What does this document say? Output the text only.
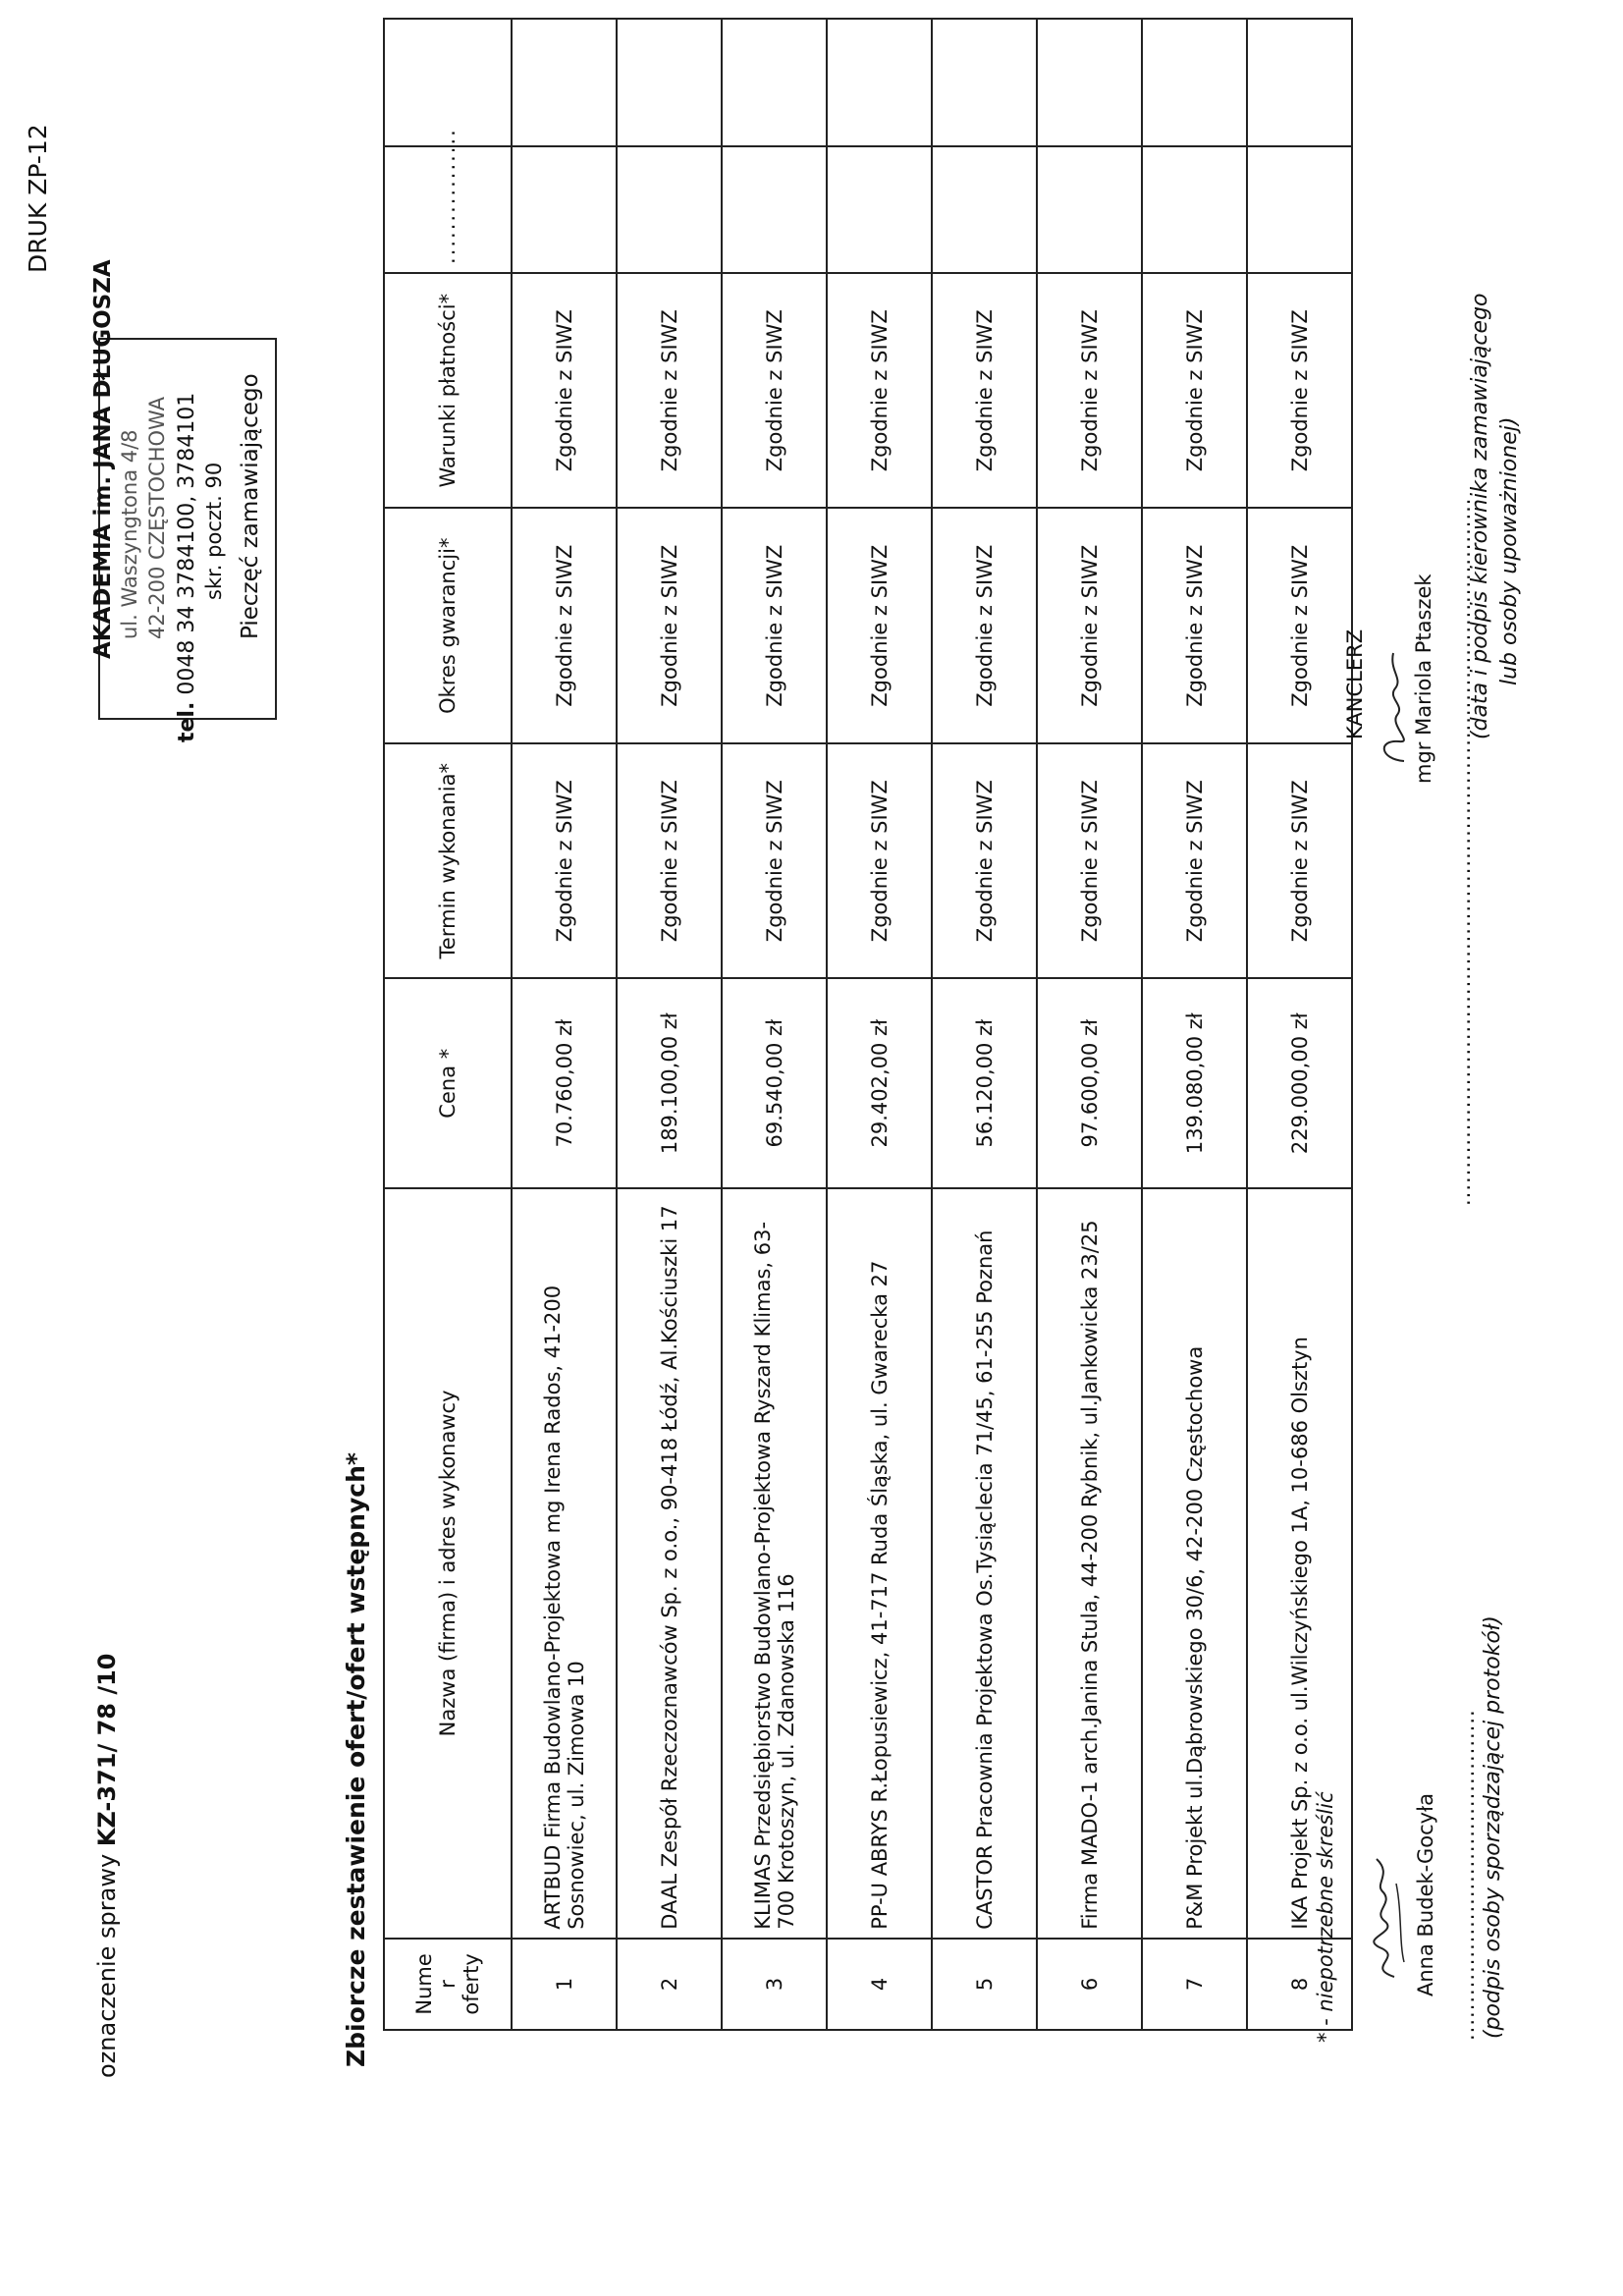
oznaczenie sprawy KZ-371/ 78 /10
DRUK ZP-12
AKADEMIA im. JANA DŁUGOSZA ul. Waszyngtona 4/8 42-200 CZĘSTOCHOWA
tel. 0048 34 3784100, 3784101 skr. poczt. 90 Pieczęć zamawiającego
Zbiorcze zestawienie ofert/ofert wstępnych* Nume r oferty	Nazwa (firma) i adres wykonawcy	Cena *	Termin wykonania*	Okres gwarancji*	Warunki płatności*	................	
1	ARTBUD Firma Budowlano-Projektowa mg Irena Rados, 41-200 Sosnowiec, ul. Zimowa 10	70.760,00 zł	Zgodnie z SIWZ	Zgodnie z SIWZ	Zgodnie z SIWZ		
2	DAAL Zespół Rzeczoznawców Sp. z o.o., 90-418 Łódź, Al.Kościuszki 17	189.100,00 zł	Zgodnie z SIWZ	Zgodnie z SIWZ	Zgodnie z SIWZ		
3	KLIMAS Przedsiębiorstwo Budowlano-Projektowa Ryszard Klimas, 63-700 Krotoszyn, ul. Zdanowska 116	69.540,00 zł	Zgodnie z SIWZ	Zgodnie z SIWZ	Zgodnie z SIWZ		
4	PP-U ABRYS R.Łopusiewicz, 41-717 Ruda Śląska, ul. Gwarecka 27	29.402,00 zł	Zgodnie z SIWZ	Zgodnie z SIWZ	Zgodnie z SIWZ		
5	CASTOR Pracownia Projektowa Os.Tysiąclecia 71/45, 61-255 Poznań	56.120,00 zł	Zgodnie z SIWZ	Zgodnie z SIWZ	Zgodnie z SIWZ		
6	Firma MADO-1 arch.Janina Stula, 44-200 Rybnik, ul.Jankowicka 23/25	97.600,00 zł	Zgodnie z SIWZ	Zgodnie z SIWZ	Zgodnie z SIWZ		
7	P&M Projekt ul.Dąbrowskiego 30/6, 42-200 Częstochowa	139.080,00 zł	Zgodnie z SIWZ	Zgodnie z SIWZ	Zgodnie z SIWZ		
8	IKA Projekt Sp. z o.o. ul.Wilczyńskiego 1A, 10-686 Olsztyn	229.000,00 zł	Zgodnie z SIWZ	Zgodnie z SIWZ	Zgodnie z SIWZ		
* - niepotrzebne skreślić	Anna Budek-Gocyła ............................................ (podpis osoby sporządzającej protokół)
KANCLERZ mgr Mariola Ptaszek ..............................................................................................
(data i podpis kierownika zamawiającego lub osoby upoważnionej)
